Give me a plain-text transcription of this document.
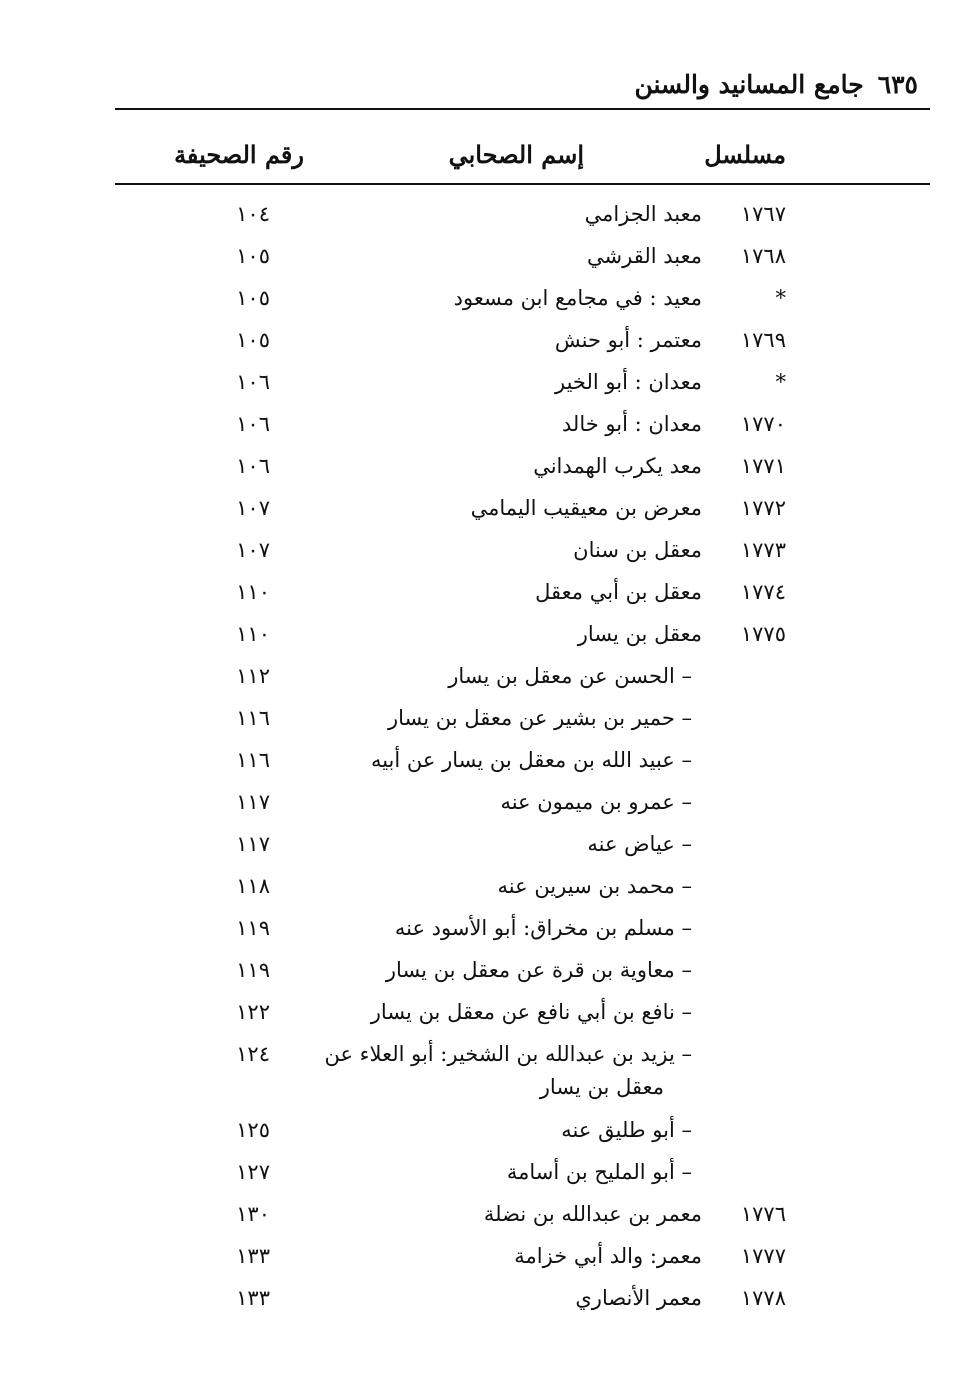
٦٣٥جامع المسانيد والسنن
مسلسل
إسم الصحابي
رقم الصحيفة
١٧٦٧
معبد الجزامي
١٠٤
١٧٦٨
معبد القرشي
١٠٥
*
معيد : في مجامع ابن مسعود
١٠٥
١٧٦٩
معتمر : أبو حنش
١٠٥
*
معدان : أبو الخير
١٠٦
١٧٧٠
معدان : أبو خالد
١٠٦
١٧٧١
معد يكرب الهمداني
١٠٦
١٧٧٢
معرض بن معيقيب اليمامي
١٠٧
١٧٧٣
معقل بن سنان
١٠٧
١٧٧٤
معقل بن أبي معقل
١١٠
١٧٧٥
معقل بن يسار
١١٠
– الحسن عن معقل بن يسار
١١٢
– حمير بن بشير عن معقل بن يسار
١١٦
– عبيد الله بن معقل بن يسار عن أبيه
١١٦
– عمرو بن ميمون عنه
١١٧
– عياض عنه
١١٧
– محمد بن سيرين عنه
١١٨
– مسلم بن مخراق: أبو الأسود عنه
١١٩
– معاوية بن قرة عن معقل بن يسار
١١٩
– نافع بن أبي نافع عن معقل بن يسار
١٢٢
– يزيد بن عبدالله بن الشخير: أبو العلاء عن
١٢٤
– أبو طليق عنه
١٢٥
– أبو المليح بن أسامة
١٢٧
١٧٧٦
معمر بن عبدالله بن نضلة
١٣٠
١٧٧٧
معمر: والد أبي خزامة
١٣٣
١٧٧٨
معمر الأنصاري
١٣٣
معقل بن يسار
